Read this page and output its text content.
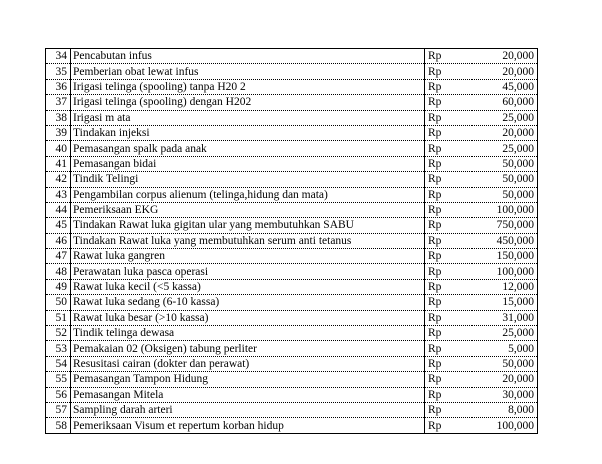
34	Pencabutan infus	Rp	20,000
35	Pemberian obat lewat infus	Rp	20,000
36	Irigasi telinga (spooling) tanpa H20 2	Rp	45,000
37	Irigasi telinga (spooling) dengan H202	Rp	60,000
38	Irigasi m ata	Rp	25,000
39	Tindakan injeksi	Rp	20,000
40	Pemasangan spalk pada anak	Rp	25,000
41	Pemasangan bidai	Rp	50,000
42	Tindik Telingi	Rp	50,000
43	Pengambilan corpus alienum (telinga,hidung dan mata)	Rp	50,000
44	Pemeriksaan EKG	Rp	100,000
45	Tindakan Rawat luka gigitan ular yang membutuhkan SABU	Rp	750,000
46	Tindakan Rawat luka yang membutuhkan serum anti tetanus	Rp	450,000
47	Rawat luka gangren	Rp	150,000
48	Perawatan luka pasca operasi	Rp	100,000
49	Rawat luka kecil (<5 kassa)	Rp	12,000
50	Rawat luka sedang (6-10 kassa)	Rp	15,000
51	Rawat luka besar (>10 kassa)	Rp	31,000
52	Tindik telinga dewasa	Rp	25,000
53	Pemakaian 02 (Oksigen) tabung perliter	Rp	5,000
54	Resusitasi cairan (dokter dan perawat)	Rp	50,000
55	Pemasangan Tampon Hidung	Rp	20,000
56	Pemasangan Mitela	Rp	30,000
57	Sampling darah arteri	Rp	8,000
58	Pemeriksaan Visum et repertum korban hidup	Rp	100,000
